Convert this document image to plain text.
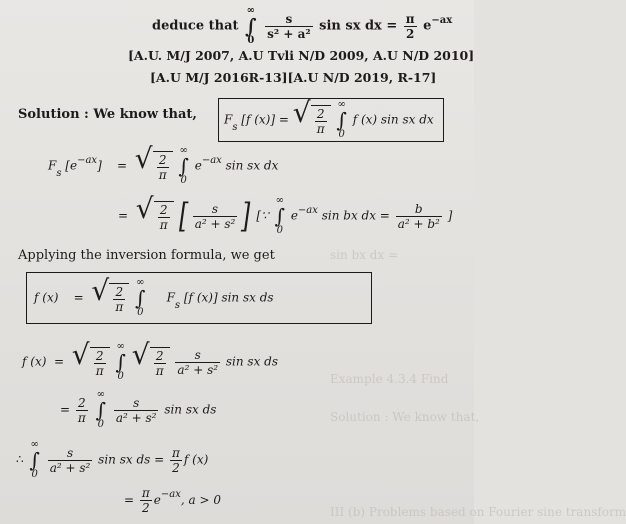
sin bx dx =
Example 4.3.4 Find
Solution : We know that,
III (b) Problems based on Fourier sine transform
deduce that
∞
∫
0
$\frac{s}{\text{s² + a²}}$ sin sx dx = $\frac{\pi}{2} e^{-ax}$
[A.U. M/J 2007, A.U Tvli N/D 2009, A.U N/D 2010]
[A.U M/J 2016R-13][A.U N/D 2019, R-17]
Solution : We know that, $F_s$ [f (x)] = √ $\frac{2}{\pi}$

∞
∫
0
f (x) sin sx dx
$F_s$ $[e^{-ax}]$ = √ $\frac{2}{\pi}$

∞
∫
0
$e^{-ax}$ sin sx dx
= √ $\frac{2}{\pi}$ [ $\frac{s}{\text{a² + s²}}$ ] [∵
∞
∫
0
$e^{-ax}$ sin bx dx = $\frac{b}{\text{a² + b²}}$ ]
Applying the inversion formula, we get
f (x) = √ $\frac{2}{\pi}$

∞
∫
0
$F_s$ [f (x)] sin sx ds
f (x) = √ $\frac{2}{\pi}$

∞
∫
0

√ $\frac{2}{\pi}$
$\frac{s}{\text{a² + s²}}$ sin sx ds
= $\frac{2}{\pi}$

∞
∫
0
$\frac{s}{\text{a² + s²}}$ sin sx ds
∴
∞
∫
0
$\frac{s}{\text{a² + s²}}$ sin sx ds = $\frac{\pi}{2}$ f (x)
= $\frac{\pi}{2} e^{-ax}$, a > 0
